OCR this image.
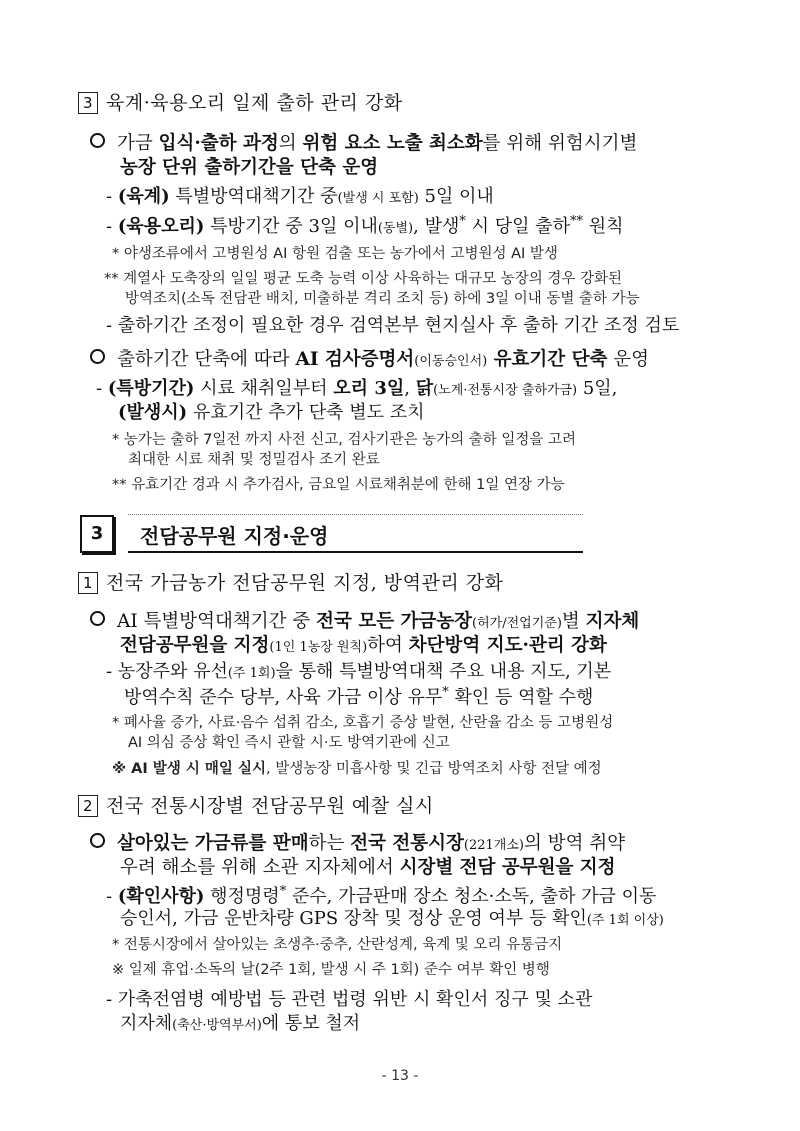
3 육계·육용오리 일제 출하 관리 강화
가금 입식·출하 과정의 위험 요소 노출 최소화를 위해 위험시기별
농장 단위 출하기간을 단축 운영
- (육계) 특별방역대책기간 중(발생 시 포함) 5일 이내
- (육용오리) 특방기간 중 3일 이내(동별), 발생* 시 당일 출하** 원칙
* 야생조류에서 고병원성 AI 항원 검출 또는 농가에서 고병원성 AI 발생
** 계열사 도축장의 일일 평균 도축 능력 이상 사육하는 대규모 농장의 경우 강화된
방역조치(소독 전담관 배치, 미출하분 격리 조치 등) 하에 3일 이내 동별 출하 가능
- 출하기간 조정이 필요한 경우 검역본부 현지실사 후 출하 기간 조정 검토
출하기간 단축에 따라 AI 검사증명서(이동승인서) 유효기간 단축 운영
- (특방기간) 시료 채취일부터 오리 3일, 닭(노계·전통시장 출하가금) 5일,
(발생시) 유효기간 추가 단축 별도 조치
* 농가는 출하 7일전 까지 사전 신고, 검사기관은 농가의 출하 일정을 고려
최대한 시료 채취 및 정밀검사 조기 완료
** 유효기간 경과 시 추가검사, 금요일 시료채취분에 한해 1일 연장 가능
3	전담공무원 지정·운영
1 전국 가금농가 전담공무원 지정, 방역관리 강화
AI 특별방역대책기간 중 전국 모든 가금농장(허가/전업기준)별 지자체
전담공무원을 지정(1인 1농장 원칙)하여 차단방역 지도·관리 강화
- 농장주와 유선(주 1회)을 통해 특별방역대책 주요 내용 지도, 기본
방역수칙 준수 당부, 사육 가금 이상 유무* 확인 등 역할 수행
* 폐사율 증가, 사료·음수 섭취 감소, 호흡기 증상 발현, 산란율 감소 등 고병원성
AI 의심 증상 확인 즉시 관할 시·도 방역기관에 신고
※ AI 발생 시 매일 실시, 발생농장 미흡사항 및 긴급 방역조치 사항 전달 예정
2 전국 전통시장별 전담공무원 예찰 실시
살아있는 가금류를 판매하는 전국 전통시장(221개소)의 방역 취약
우려 해소를 위해 소관 지자체에서 시장별 전담 공무원을 지정
- (확인사항) 행정명령* 준수, 가금판매 장소 청소·소독, 출하 가금 이동
승인서, 가금 운반차량 GPS 장착 및 정상 운영 여부 등 확인(주 1회 이상)
* 전통시장에서 살아있는 초생추·중추, 산란성계, 육계 및 오리 유통금지
※ 일제 휴업·소독의 날(2주 1회, 발생 시 주 1회) 준수 여부 확인 병행
- 가축전염병 예방법 등 관련 법령 위반 시 확인서 징구 및 소관
지자체(축산·방역부서)에 통보 철저
- 13 -
